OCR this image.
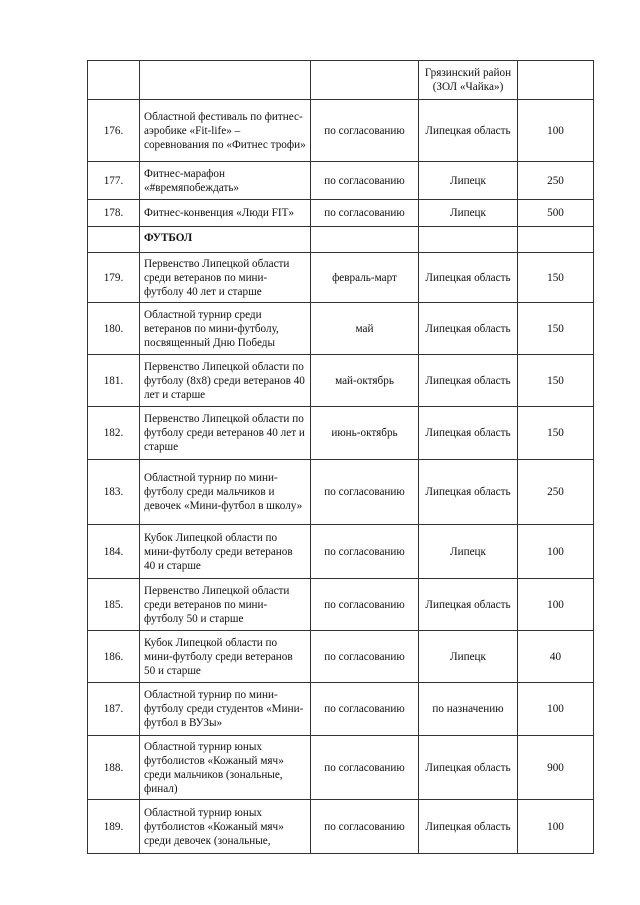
			Грязинский район (ЗОЛ «Чайка»)	
176.	Областной фестиваль по фитнес-аэробике «Fit-life» – соревнования по «Фитнес трофи»	по согласованию	Липецкая область	100
177.	Фитнес-марафон «#времяпобеждать»	по согласованию	Липецк	250
178.	Фитнес-конвенция «Люди FIT»	по согласованию	Липецк	500
	ФУТБОЛ			
179.	Первенство Липецкой области среди ветеранов по мини-футболу 40 лет и старше	февраль-март	Липецкая область	150
180.	Областной турнир среди ветеранов по мини-футболу, посвященный Дню Победы	май	Липецкая область	150
181.	Первенство Липецкой области по футболу (8х8) среди ветеранов 40 лет и старше	май-октябрь	Липецкая область	150
182.	Первенство Липецкой области по футболу среди ветеранов 40 лет и старше	июнь-октябрь	Липецкая область	150
183.	Областной турнир по мини-футболу среди мальчиков и девочек «Мини-футбол в школу»	по согласованию	Липецкая область	250
184.	Кубок Липецкой области по мини-футболу среди ветеранов 40 и старше	по согласованию	Липецк	100
185.	Первенство Липецкой области среди ветеранов по мини-футболу 50 и старше	по согласованию	Липецкая область	100
186.	Кубок Липецкой области по мини-футболу среди ветеранов 50 и старше	по согласованию	Липецк	40
187.	Областной турнир по мини-футболу среди студентов «Мини-футбол в ВУЗы»	по согласованию	по назначению	100
188.	Областной турнир юных футболистов «Кожаный мяч» среди мальчиков (зональные, финал)	по согласованию	Липецкая область	900
189.	Областной турнир юных футболистов «Кожаный мяч» среди девочек (зональные,	по согласованию	Липецкая область	100
